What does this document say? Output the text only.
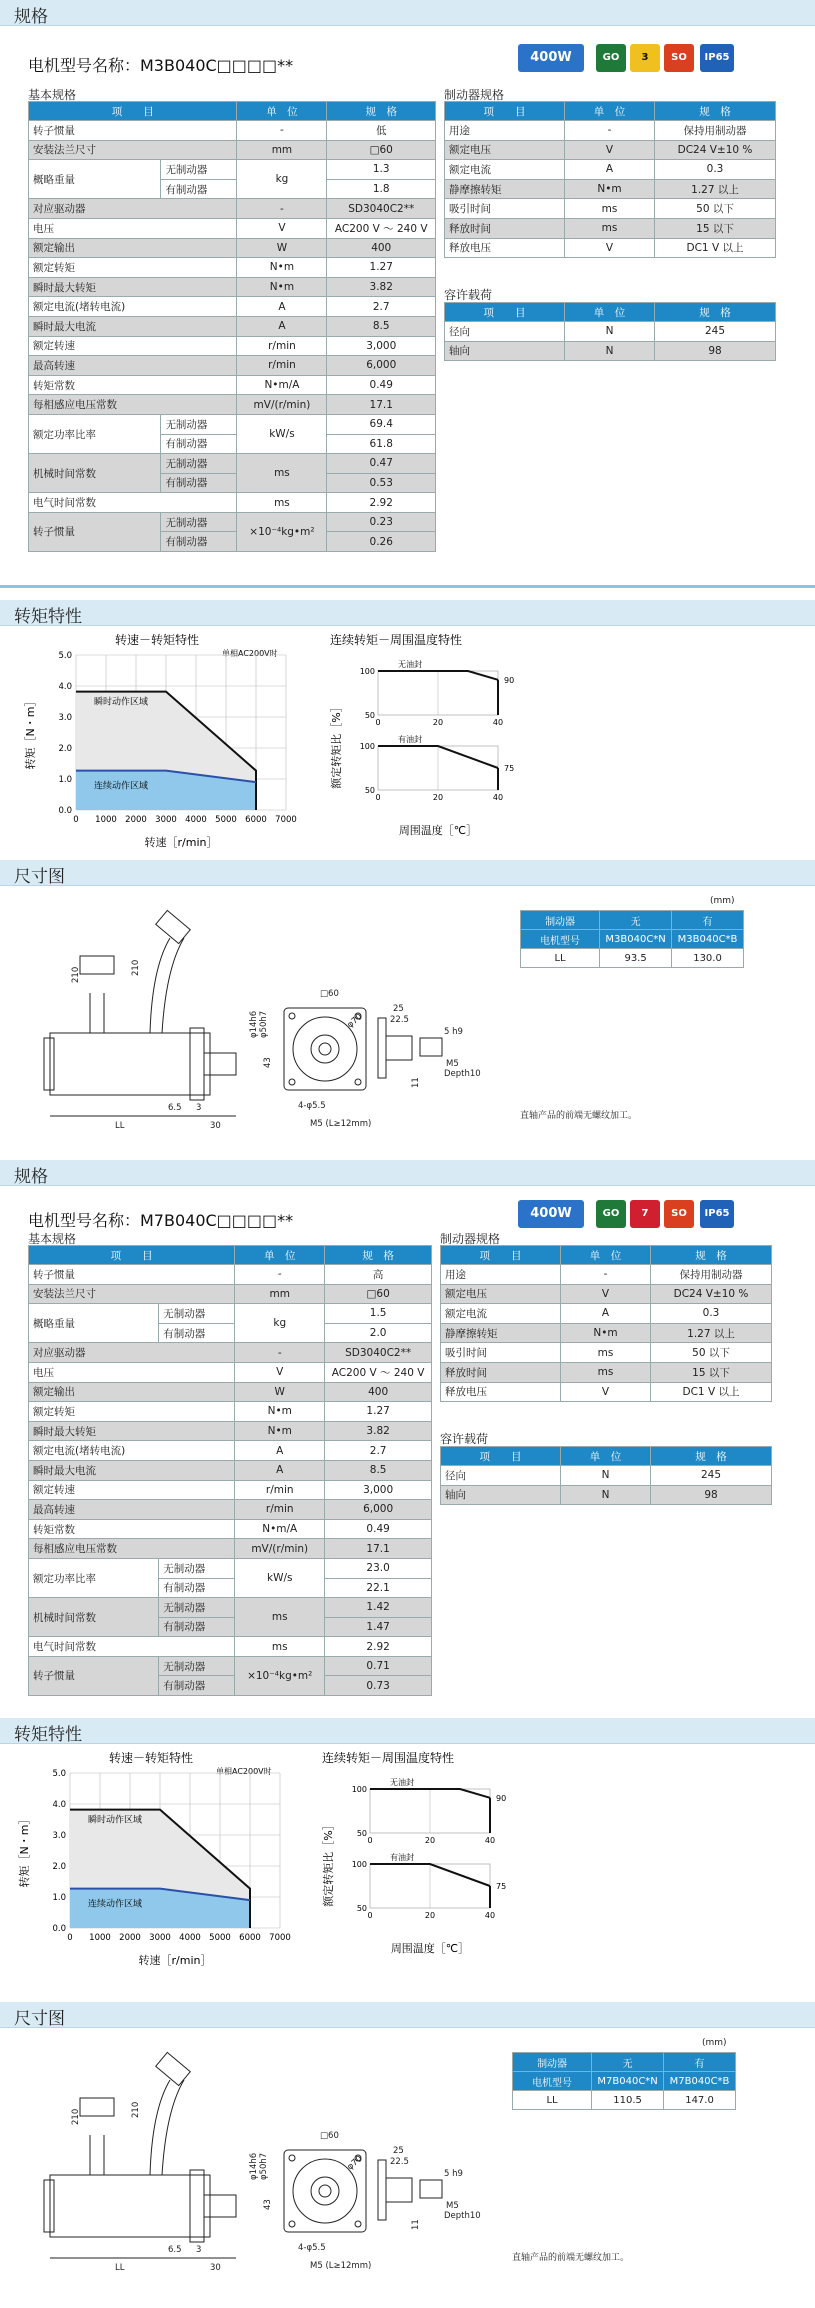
规格
电机型号名称：M3B040C□□□□**	400W	GO	3	SO	IP65
基本规格
项　　目		单　位	规　格
转子惯量		-	低
安装法兰尺寸		mm	□60
概略重量	无制动器	kg	1.3
	有制动器		1.8
对应驱动器		-	SD3040C2**
电压		V	AC200 V ～ 240 V
额定输出		W	400
额定转矩		N•m	1.27
瞬时最大转矩		N•m	3.82
额定电流(堵转电流)		A	2.7
瞬时最大电流		A	8.5
额定转速		r/min	3,000
最高转速		r/min	6,000
转矩常数		N•m/A	0.49
每相感应电压常数		mV/(r/min)	17.1
额定功率比率	无制动器	kW/s	69.4
	有制动器		61.8
机械时间常数	无制动器	ms	0.47
	有制动器		0.53
电气时间常数		ms	2.92
转子惯量	无制动器	×10⁻⁴kg•m²	0.23
	有制动器		0.26
制动器规格
项　　目	单　位	规　格
用途	-	保持用制动器
额定电压	V	DC24 V±10 %
额定电流	A	0.3
静摩擦转矩	N•m	1.27 以上
吸引时间	ms	50 以下
释放时间	ms	15 以下
释放电压	V	DC1 V 以上
容许载荷
项　　目	单　位	规　格
径向	N	245
轴向	N	98
转矩特性
转速－转矩特性
单相AC200V时
0 1000 2000 3000 4000 5000 6000 7000
0.0
1.0
2.0
3.0
4.0
5.0
瞬时动作区域
连续动作区域
转速［r/min］
转矩［N・m］
连续转矩－周围温度特性
无油封
90
100
50
0	20	40
有油封
75
100
50
0	20	40
周围温度［℃］
额定转矩比［%］
尺寸图
(mm)
制动器	无	有
电机型号	M3B040C*N	M3B040C*B
LL	93.5	130.0
直轴产品的前端无螺纹加工。
210	210
□60
φ70
43
25
22.5
φ14h6 φ50h7	5 h9
M5
Depth10
11
4-φ5.5
M5 (L≥12mm)
LL
6.5 3
30
规格
电机型号名称：M7B040C□□□□**	400W	GO	7	SO	IP65
基本规格
项　　目		单　位	规　格
转子惯量		-	高
安装法兰尺寸		mm	□60
概略重量	无制动器	kg	1.5
	有制动器		2.0
对应驱动器		-	SD3040C2**
电压		V	AC200 V ～ 240 V
额定输出		W	400
额定转矩		N•m	1.27
瞬时最大转矩		N•m	3.82
额定电流(堵转电流)		A	2.7
瞬时最大电流		A	8.5
额定转速		r/min	3,000
最高转速		r/min	6,000
转矩常数		N•m/A	0.49
每相感应电压常数		mV/(r/min)	17.1
额定功率比率	无制动器	kW/s	23.0
	有制动器		22.1
机械时间常数	无制动器	ms	1.42
	有制动器		1.47
电气时间常数		ms	2.92
转子惯量	无制动器	×10⁻⁴kg•m²	0.71
	有制动器		0.73
制动器规格
项　　目	单　位	规　格
用途	-	保持用制动器
额定电压	V	DC24 V±10 %
额定电流	A	0.3
静摩擦转矩	N•m	1.27 以上
吸引时间	ms	50 以下
释放时间	ms	15 以下
释放电压	V	DC1 V 以上
容许载荷
项　　目	单　位	规　格
径向	N	245
轴向	N	98
转矩特性
转速－转矩特性
单相AC200V时
0 1000 2000 3000 4000 5000 6000 7000
0.0
1.0
2.0
3.0
4.0
5.0
瞬时动作区域
连续动作区域
转速［r/min］
转矩［N・m］
连续转矩－周围温度特性
无油封
90
100
50
0	20	40
有油封
75
100
50
0	20	40
周围温度［℃］
额定转矩比［%］
尺寸图
(mm)
制动器	无	有
电机型号	M7B040C*N	M7B040C*B
LL	110.5	147.0
直轴产品的前端无螺纹加工。
210	210
□60
φ70
43
25
22.5
φ14h6 φ50h7	5 h9
M5
Depth10
11
4-φ5.5
M5 (L≥12mm)
LL
6.5 3
30
